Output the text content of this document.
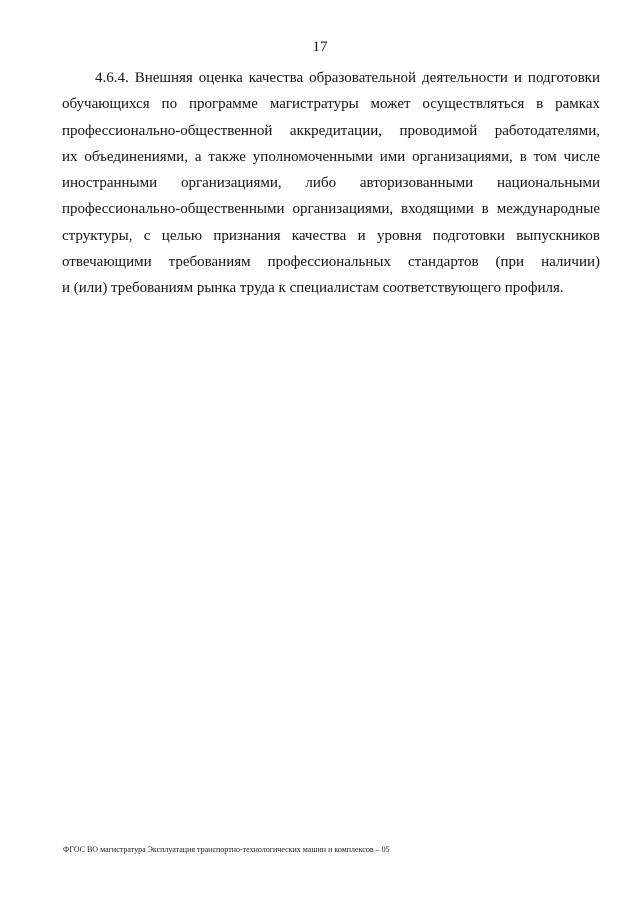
17
4.6.4. Внешняя оценка качества образовательной деятельности и подготовки
обучающихся по программе магистратуры может осуществляться в рамках
профессионально-общественной аккредитации, проводимой работодателями,
их объединениями, а также уполномоченными ими организациями, в том числе
иностранными организациями, либо авторизованными национальными
профессионально-общественными организациями, входящими в международные
структуры, с целью признания качества и уровня подготовки выпускников
отвечающими требованиям профессиональных стандартов (при наличии)
и (или) требованиям рынка труда к специалистам соответствующего профиля.
ФГОС ВО магистратура Эксплуатация транспортно-технологических машин и комплексов – 05
